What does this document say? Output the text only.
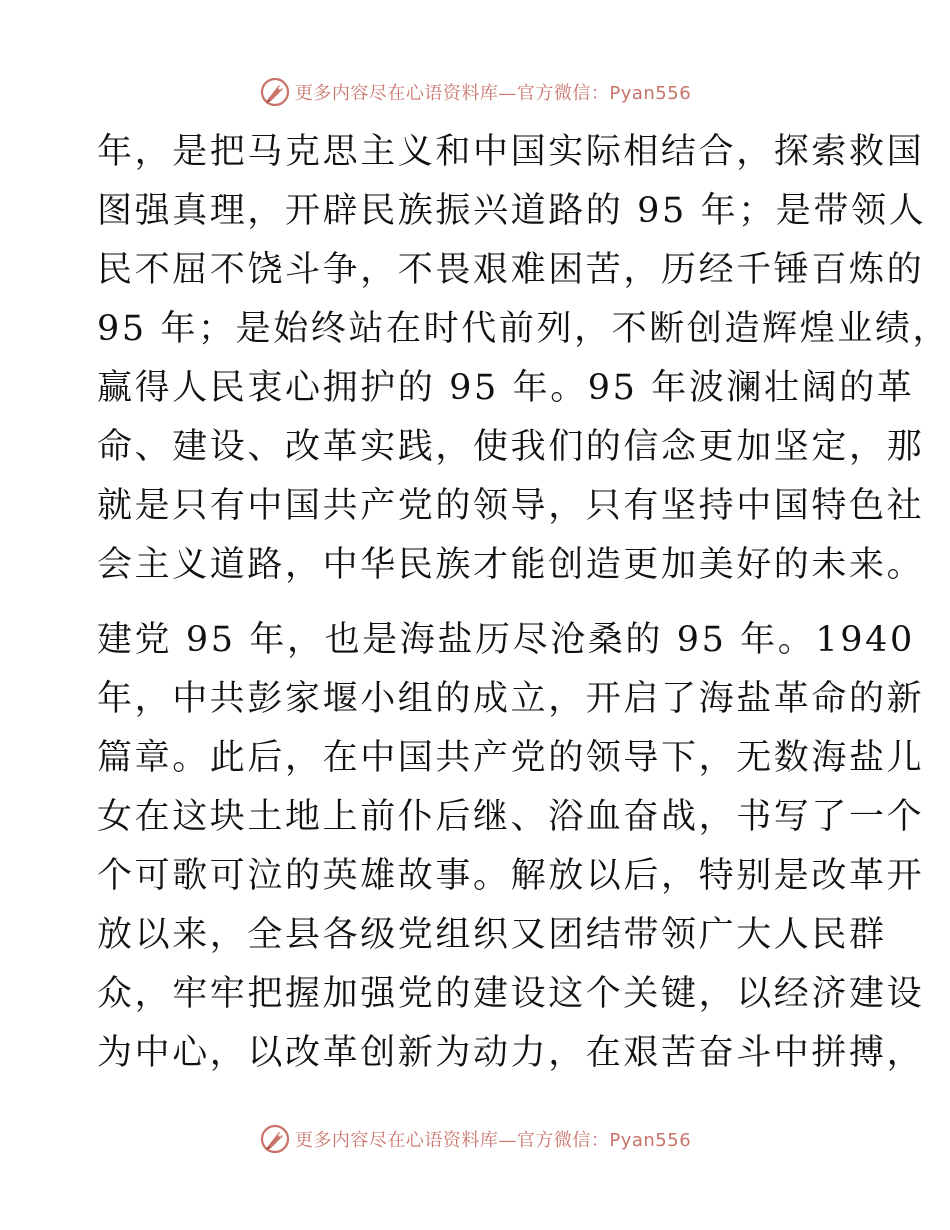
更多内容尽在心语资料库—官方微信：Pyan556
年，是把马克思主义和中国实际相结合，探索救国
图强真理，开辟民族振兴道路的 95 年；是带领人
民不屈不饶斗争，不畏艰难困苦，历经千锤百炼的
95 年；是始终站在时代前列，不断创造辉煌业绩，
赢得人民衷心拥护的 95 年。95 年波澜壮阔的革
命、建设、改革实践，使我们的信念更加坚定，那
就是只有中国共产党的领导，只有坚持中国特色社
会主义道路，中华民族才能创造更加美好的未来。
建党 95 年，也是海盐历尽沧桑的 95 年。1940
年，中共彭家堰小组的成立，开启了海盐革命的新
篇章。此后，在中国共产党的领导下，无数海盐儿
女在这块土地上前仆后继、浴血奋战，书写了一个
个可歌可泣的英雄故事。解放以后，特别是改革开
放以来，全县各级党组织又团结带领广大人民群
众，牢牢把握加强党的建设这个关键，以经济建设
为中心，以改革创新为动力，在艰苦奋斗中拼搏，
更多内容尽在心语资料库—官方微信：Pyan556
